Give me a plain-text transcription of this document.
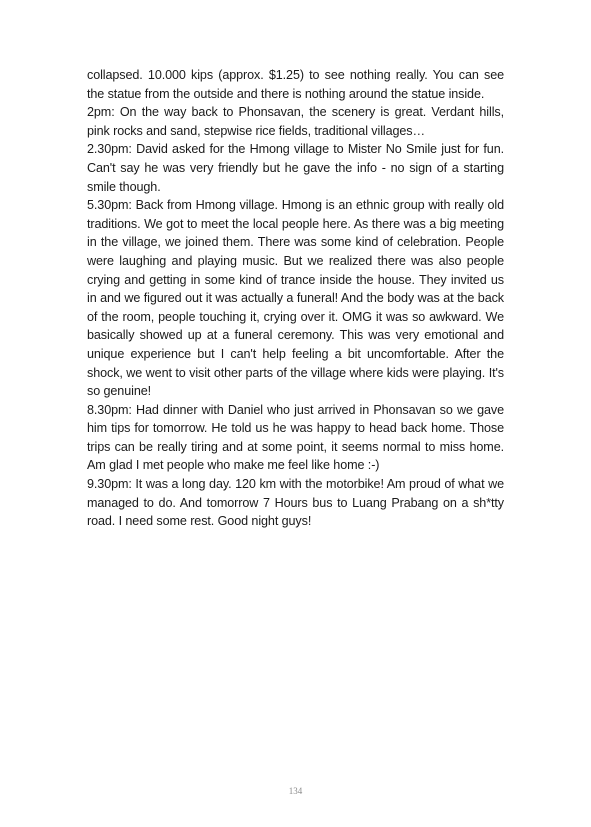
collapsed. 10.000 kips (approx. $1.25) to see nothing really. You can see the statue from the outside and there is nothing around the statue inside.

2pm: On the way back to Phonsavan, the scenery is great. Verdant hills, pink rocks and sand, stepwise rice fields, traditional villages…

2.30pm: David asked for the Hmong village to Mister No Smile just for fun. Can't say he was very friendly but he gave the info - no sign of a starting smile though.

5.30pm: Back from Hmong village. Hmong is an ethnic group with really old traditions. We got to meet the local people here. As there was a big meeting in the village, we joined them. There was some kind of celebration. People were laughing and playing music. But we realized there was also people crying and getting in some kind of trance inside the house. They invited us in and we figured out it was actually a funeral! And the body was at the back of the room, people touching it, crying over it. OMG it was so awkward. We basically showed up at a funeral ceremony. This was very emotional and unique experience but I can't help feeling a bit uncomfortable. After the shock, we went to visit other parts of the village where kids were playing. It's so genuine!

8.30pm: Had dinner with Daniel who just arrived in Phonsavan so we gave him tips for tomorrow. He told us he was happy to head back home. Those trips can be really tiring and at some point, it seems normal to miss home. Am glad I met people who make me feel like home :-)

9.30pm: It was a long day. 120 km with the motorbike! Am proud of what we managed to do. And tomorrow 7 Hours bus to Luang Prabang on a sh*tty road. I need some rest. Good night guys!

134
